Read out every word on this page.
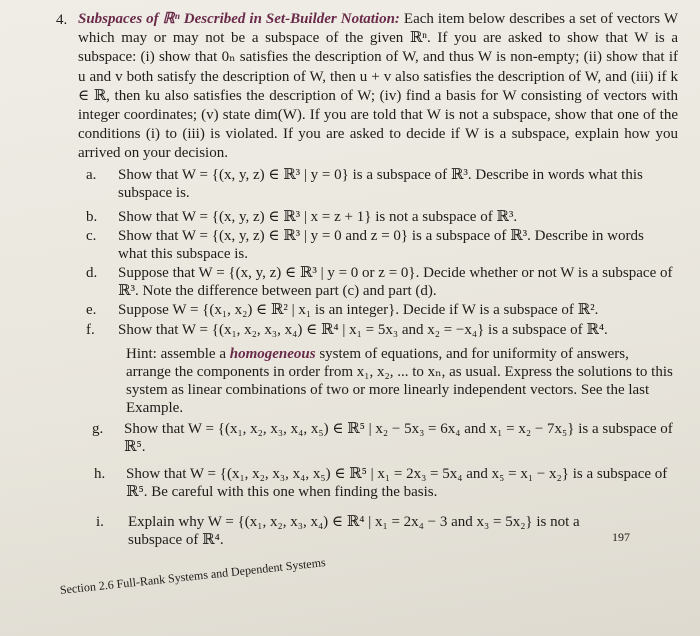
4. Subspaces of ℝⁿ Described in Set-Builder Notation: Each item below describes a set of vectors W which may or may not be a subspace of the given ℝⁿ. If you are asked to show that W is a subspace: (i) show that 0ₙ satisfies the description of W, and thus W is non-empty; (ii) show that if u and v both satisfy the description of W, then u + v also satisfies the description of W, and (iii) if k ∈ ℝ, then ku also satisfies the description of W; (iv) find a basis for W consisting of vectors with integer coordinates; (v) state dim(W). If you are told that W is not a subspace, show that one of the conditions (i) to (iii) is violated. If you are asked to decide if W is a subspace, explain how you arrived on your decision.
a. Show that W = {(x, y, z) ∈ ℝ³ | y = 0} is a subspace of ℝ³. Describe in words what this subspace is.

b. Show that W = {(x, y, z) ∈ ℝ³ | x = z + 1} is not a subspace of ℝ³.

c. Show that W = {(x, y, z) ∈ ℝ³ | y = 0 and z = 0} is a subspace of ℝ³. Describe in words what this subspace is.

d. Suppose that W = {(x, y, z) ∈ ℝ³ | y = 0 or z = 0}. Decide whether or not W is a subspace of ℝ³. Note the difference between part (c) and part (d).

e. Suppose W = {(x₁, x₂) ∈ ℝ² | x₁ is an integer}. Decide if W is a subspace of ℝ².

f. Show that W = {(x₁, x₂, x₃, x₄) ∈ ℝ⁴ | x₁ = 5x₃ and x₂ = −x₄} is a subspace of ℝ⁴.

Hint: assemble a homogeneous system of equations, and for uniformity of answers, arrange the components in order from x₁, x₂, ... to xₙ, as usual. Express the solutions to this system as linear combinations of two or more linearly independent vectors. See the last Example.

g. Show that W = {(x₁, x₂, x₃, x₄, x₅) ∈ ℝ⁵ | x₂ − 5x₃ = 6x₄ and x₁ = x₂ − 7x₅} is a subspace of ℝ⁵.

h. Show that W = {(x₁, x₂, x₃, x₄, x₅) ∈ ℝ⁵ | x₁ = 2x₃ = 5x₄ and x₅ = x₁ − x₂} is a subspace of ℝ⁵. Be careful with this one when finding the basis.

i. Explain why W = {(x₁, x₂, x₃, x₄) ∈ ℝ⁴ | x₁ = 2x₄ − 3 and x₃ = 5x₂} is not a subspace of ℝ⁴.	197
Section 2.6 Full-Rank Systems and Dependent Systems
